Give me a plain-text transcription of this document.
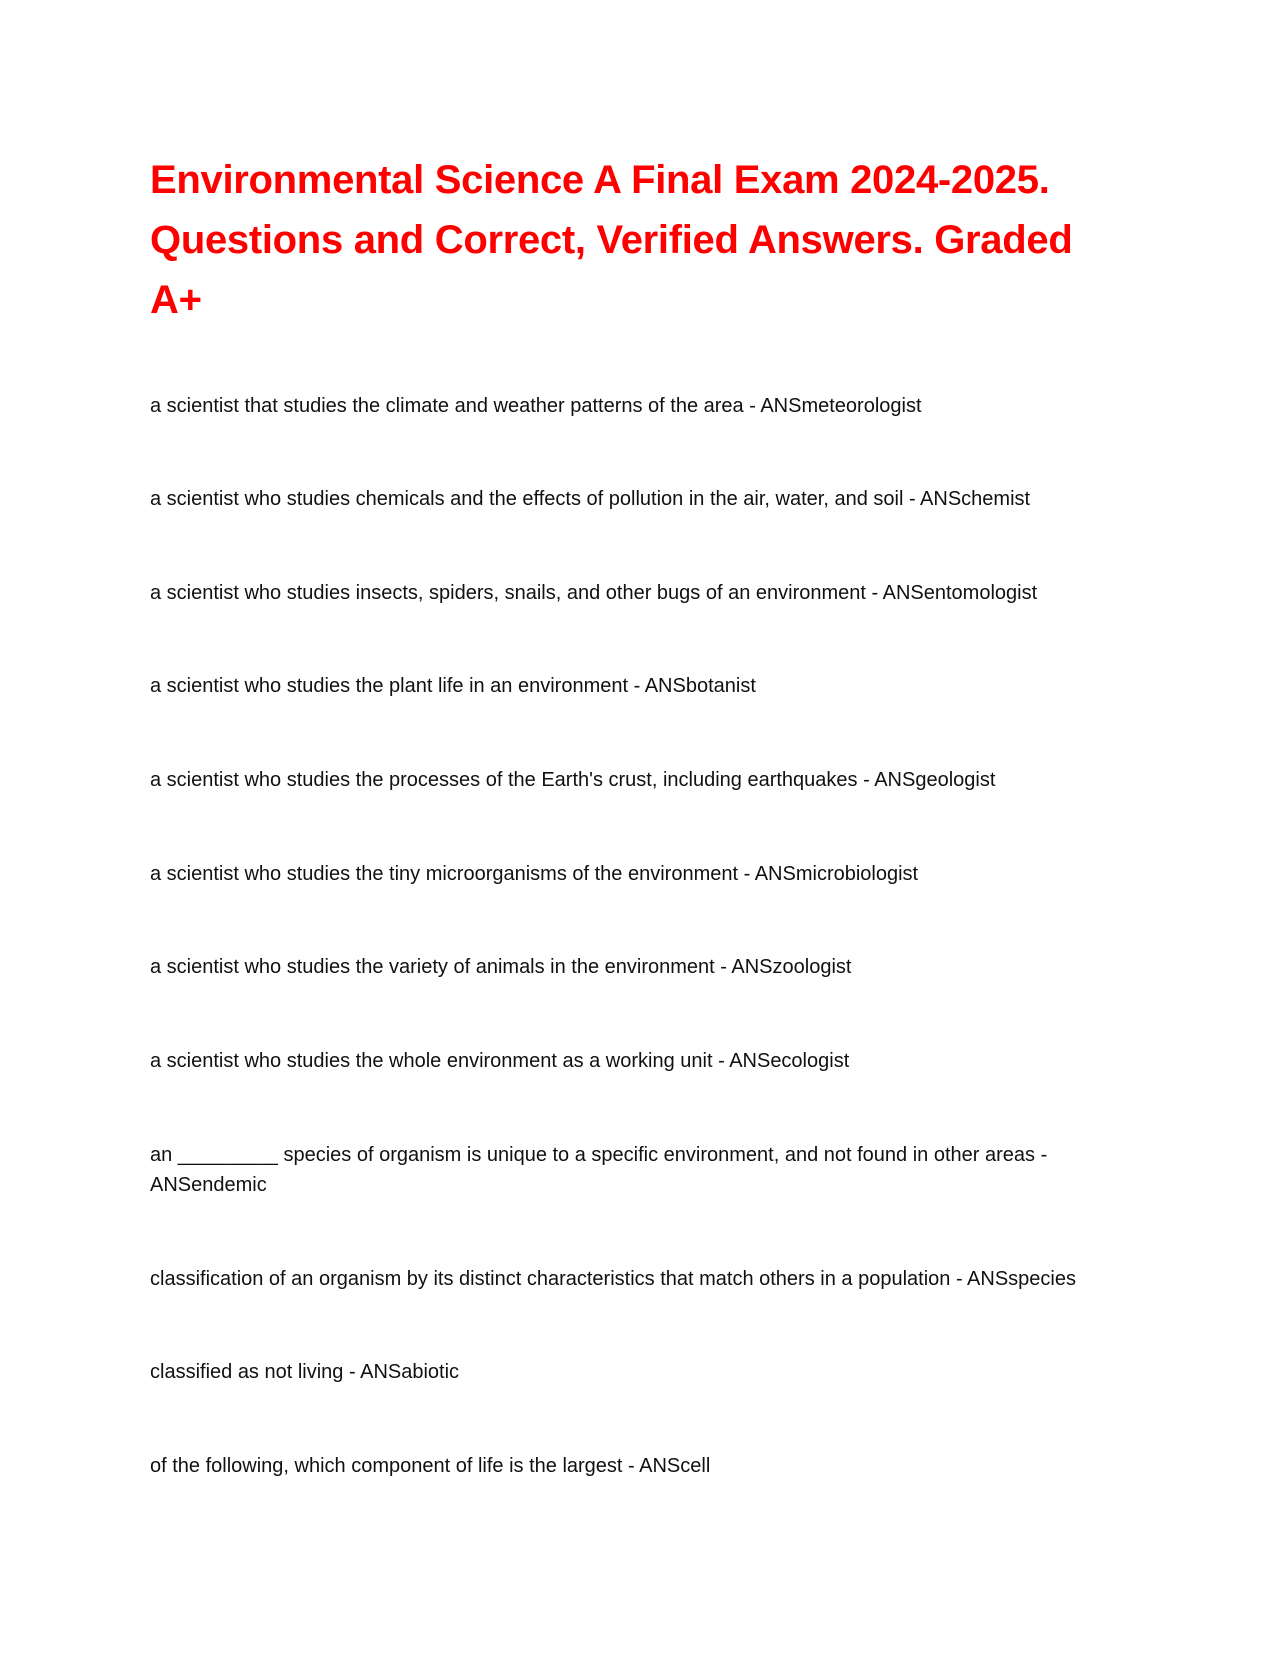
Environmental Science A Final Exam 2024-2025.
Questions and Correct, Verified Answers. Graded
A+

a scientist that studies the climate and weather patterns of the area - ANSmeteorologist

a scientist who studies chemicals and the effects of pollution in the air, water, and soil - ANSchemist

a scientist who studies insects, spiders, snails, and other bugs of an environment - ANSentomologist

a scientist who studies the plant life in an environment - ANSbotanist

a scientist who studies the processes of the Earth's crust, including earthquakes - ANSgeologist

a scientist who studies the tiny microorganisms of the environment - ANSmicrobiologist

a scientist who studies the variety of animals in the environment - ANSzoologist

a scientist who studies the whole environment as a working unit - ANSecologist

an _________ species of organism is unique to a specific environment, and not found in other areas -
ANSendemic

classification of an organism by its distinct characteristics that match others in a population - ANSspecies

classified as not living - ANSabiotic

of the following, which component of life is the largest - ANScell
